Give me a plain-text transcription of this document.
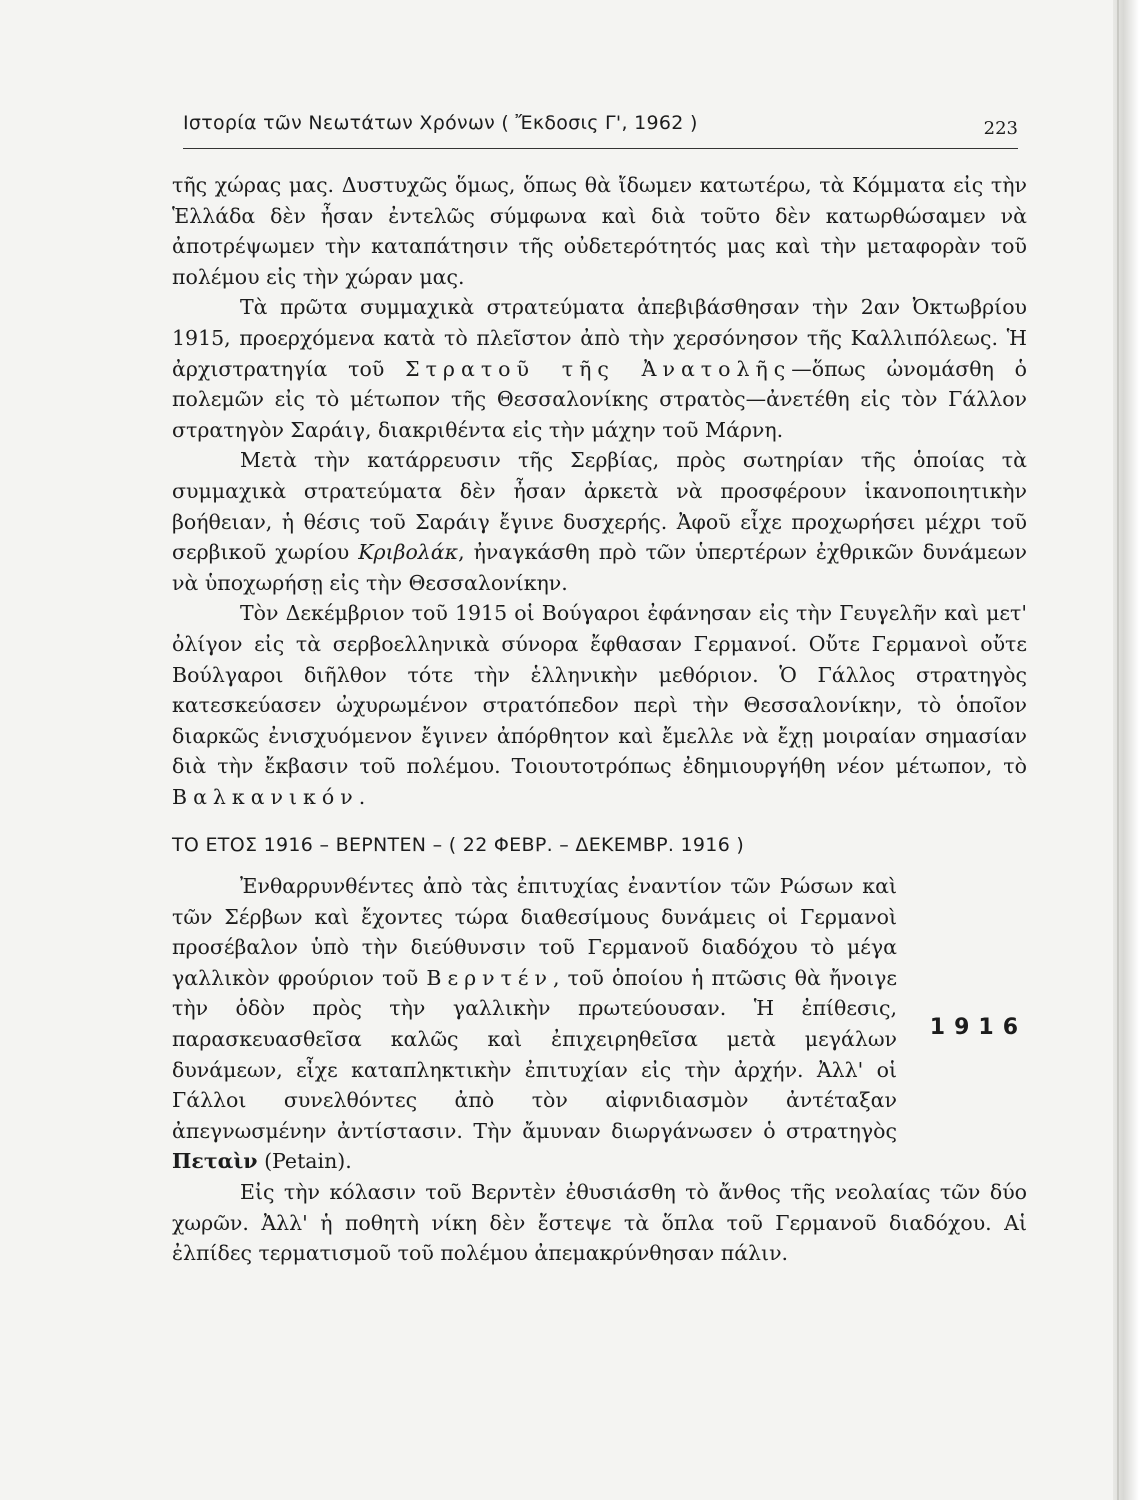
Ιστορία τῶν Νεωτάτων Χρόνων ( Ἔκδοσις Γ', 1962 )	223

τῆς χώρας μας. Δυστυχῶς ὅμως, ὅπως θὰ ἴδωμεν κατωτέρω, τὰ Κόμματα εἰς τὴν Ἑλλάδα δὲν ἦσαν ἐντελῶς σύμφωνα καὶ διὰ τοῦτο δὲν κατωρθώσαμεν νὰ ἀποτρέψωμεν τὴν καταπάτησιν τῆς οὐδετερότητός μας καὶ τὴν μεταφορὰν τοῦ πολέμου εἰς τὴν χώραν μας.

Τὰ πρῶτα συμμαχικὰ στρατεύματα ἀπεβιβάσθησαν τὴν 2αν Ὀκτωβρίου 1915, προερχόμενα κατὰ τὸ πλεῖστον ἀπὸ τὴν χερσόνησον τῆς Καλλιπόλεως. Ἡ ἀρχιστρατηγία τοῦ Στρατοῦ τῆς Ἀνατολῆς—ὅπως ὠνομάσθη ὁ πολεμῶν εἰς τὸ μέτωπον τῆς Θεσσαλονίκης στρατὸς—ἀνετέθη εἰς τὸν Γάλλον στρατηγὸν Σαράιγ, διακριθέντα εἰς τὴν μάχην τοῦ Μάρνη.

Μετὰ τὴν κατάρρευσιν τῆς Σερβίας, πρὸς σωτηρίαν τῆς ὁποίας τὰ συμμαχικὰ στρατεύματα δὲν ἦσαν ἀρκετὰ νὰ προσφέρουν ἱκανοποιητικὴν βοήθειαν, ἡ θέσις τοῦ Σαράιγ ἔγινε δυσχερής. Ἀφοῦ εἶχε προχωρήσει μέχρι τοῦ σερβικοῦ χωρίου Κριβολάκ, ἠναγκάσθη πρὸ τῶν ὑπερτέρων ἐχθρικῶν δυνάμεων νὰ ὑποχωρήσῃ εἰς τὴν Θεσσαλονίκην.

Τὸν Δεκέμβριον τοῦ 1915 οἱ Βούγαροι ἐφάνησαν εἰς τὴν Γευγελῆν καὶ μετ' ὀλίγον εἰς τὰ σερβοελληνικὰ σύνορα ἔφθασαν Γερμανοί. Οὔτε Γερμανοὶ οὔτε Βούλγαροι διῆλθον τότε τὴν ἑλληνικὴν μεθόριον. Ὁ Γάλλος στρατηγὸς κατεσκεύασεν ὠχυρωμένον στρατόπεδον περὶ τὴν Θεσσαλονίκην, τὸ ὁποῖον διαρκῶς ἐνισχυόμενον ἔγινεν ἀπόρθητον καὶ ἔμελλε νὰ ἔχῃ μοιραίαν σημασίαν διὰ τὴν ἔκβασιν τοῦ πολέμου. Τοιουτοτρόπως ἐδημιουργήθη νέον μέτωπον, τὸ Βαλκανικόν.

ΤΟ ΕΤΟΣ 1916 – ΒΕΡΝΤΕΝ – ( 22 ΦΕΒΡ. – ΔΕΚΕΜΒΡ. 1916 )

Ἐνθαρρυνθέντες ἀπὸ τὰς ἐπιτυχίας ἐναντίον τῶν Ρώσων καὶ τῶν Σέρβων καὶ ἔχοντες τώρα διαθεσίμους δυνάμεις οἱ Γερμανοὶ προσέβαλον ὑπὸ τὴν διεύθυνσιν τοῦ Γερμανοῦ διαδόχου τὸ μέγα γαλλικὸν φρούριον τοῦ Βερντέν, τοῦ ὁποίου ἡ πτῶσις θὰ ἤνοιγε τὴν ὁδὸν πρὸς τὴν γαλλικὴν πρωτεύουσαν. Ἡ ἐπίθεσις, παρασκευασθεῖσα καλῶς καὶ ἐπιχειρηθεῖσα μετὰ μεγάλων δυνάμεων, εἶχε καταπληκτικὴν ἐπιτυχίαν εἰς τὴν ἀρχήν. Ἀλλ' οἱ Γάλλοι συνελθόντες ἀπὸ τὸν αἰφνιδιασμὸν ἀντέταξαν ἀπεγνωσμένην ἀντίστασιν. Τὴν ἄμυναν διωργάνωσεν ὁ στρατηγὸς Πεταὶν (Petain).

1916

Εἰς τὴν κόλασιν τοῦ Βερντὲν ἐθυσιάσθη τὸ ἄνθος τῆς νεολαίας τῶν δύο χωρῶν. Ἀλλ' ἡ ποθητὴ νίκη δὲν ἔστεψε τὰ ὅπλα τοῦ Γερμανοῦ διαδόχου. Αἱ ἐλπίδες τερματισμοῦ τοῦ πολέμου ἀπεμακρύνθησαν πάλιν.
